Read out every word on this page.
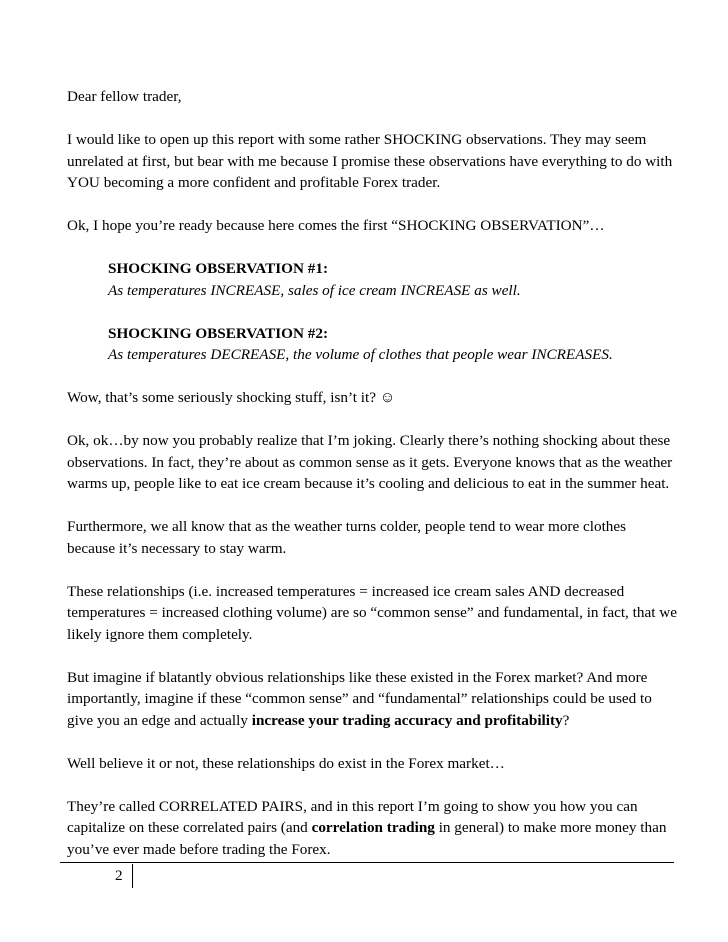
Dear fellow trader,

I would like to open up this report with some rather SHOCKING observations. They may seem unrelated at first, but bear with me because I promise these observations have everything to do with YOU becoming a more confident and profitable Forex trader.

Ok, I hope you’re ready because here comes the first “SHOCKING OBSERVATION”…

SHOCKING OBSERVATION #1:
As temperatures INCREASE, sales of ice cream INCREASE as well.
SHOCKING OBSERVATION #2:
As temperatures DECREASE, the volume of clothes that people wear INCREASES.

Wow, that’s some seriously shocking stuff, isn’t it? ☺

Ok, ok…by now you probably realize that I’m joking. Clearly there’s nothing shocking about these observations. In fact, they’re about as common sense as it gets. Everyone knows that as the weather warms up, people like to eat ice cream because it’s cooling and delicious to eat in the summer heat.

Furthermore, we all know that as the weather turns colder, people tend to wear more clothes because it’s necessary to stay warm.

These relationships (i.e. increased temperatures = increased ice cream sales AND decreased temperatures = increased clothing volume) are so “common sense” and fundamental, in fact, that we likely ignore them completely.

But imagine if blatantly obvious relationships like these existed in the Forex market? And more importantly, imagine if these “common sense” and “fundamental” relationships could be used to give you an edge and actually increase your trading accuracy and profitability?

Well believe it or not, these relationships do exist in the Forex market…

They’re called CORRELATED PAIRS, and in this report I’m going to show you how you can capitalize on these correlated pairs (and correlation trading in general) to make more money than you’ve ever made before trading the Forex.

2
